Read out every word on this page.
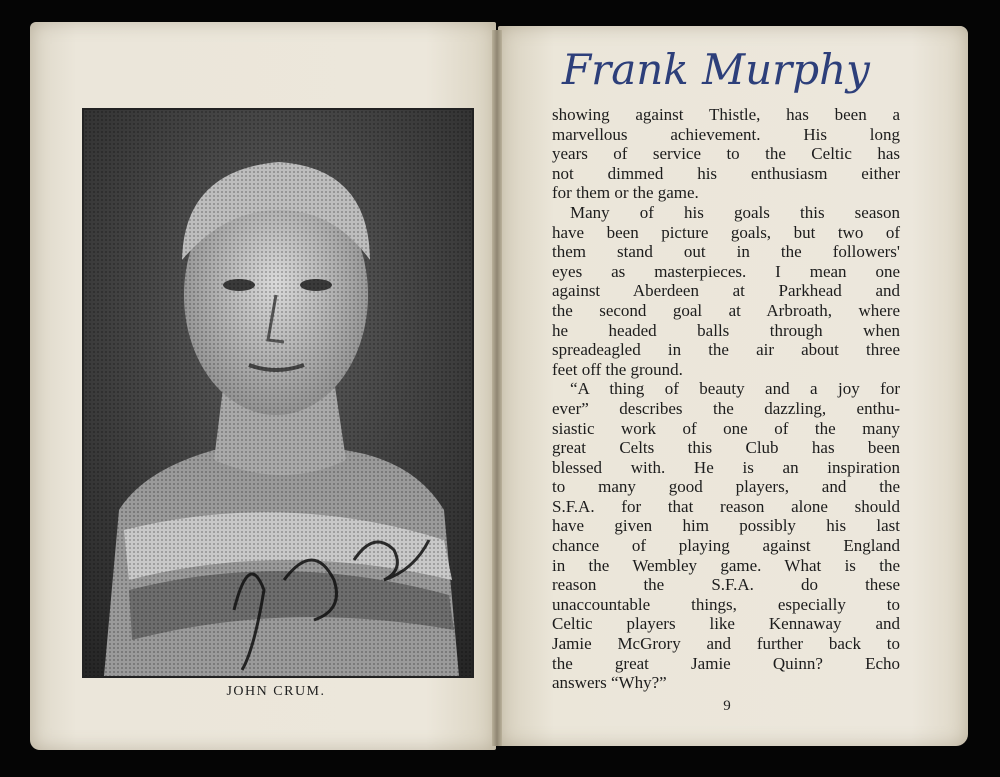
JOHN CRUM.
Frank Murphy
showing against Thistle, has been a
marvellous achievement. His long
years of service to the Celtic has
not dimmed his enthusiasm either
for them or the game.
Many of his goals this season
have been picture goals, but two of
them stand out in the followers'
eyes as masterpieces. I mean one
against Aberdeen at Parkhead and
the second goal at Arbroath, where
he headed balls through when
spreadeagled in the air about three
feet off the ground.
“A thing of beauty and a joy for
ever” describes the dazzling, enthu-
siastic work of one of the many
great Celts this Club has been
blessed with. He is an inspiration
to many good players, and the
S.F.A. for that reason alone should
have given him possibly his last
chance of playing against England
in the Wembley game. What is the
reason the S.F.A. do these
unaccountable things, especially to
Celtic players like Kennaway and
Jamie McGrory and further back to
the great Jamie Quinn? Echo
answers “Why?”
9
